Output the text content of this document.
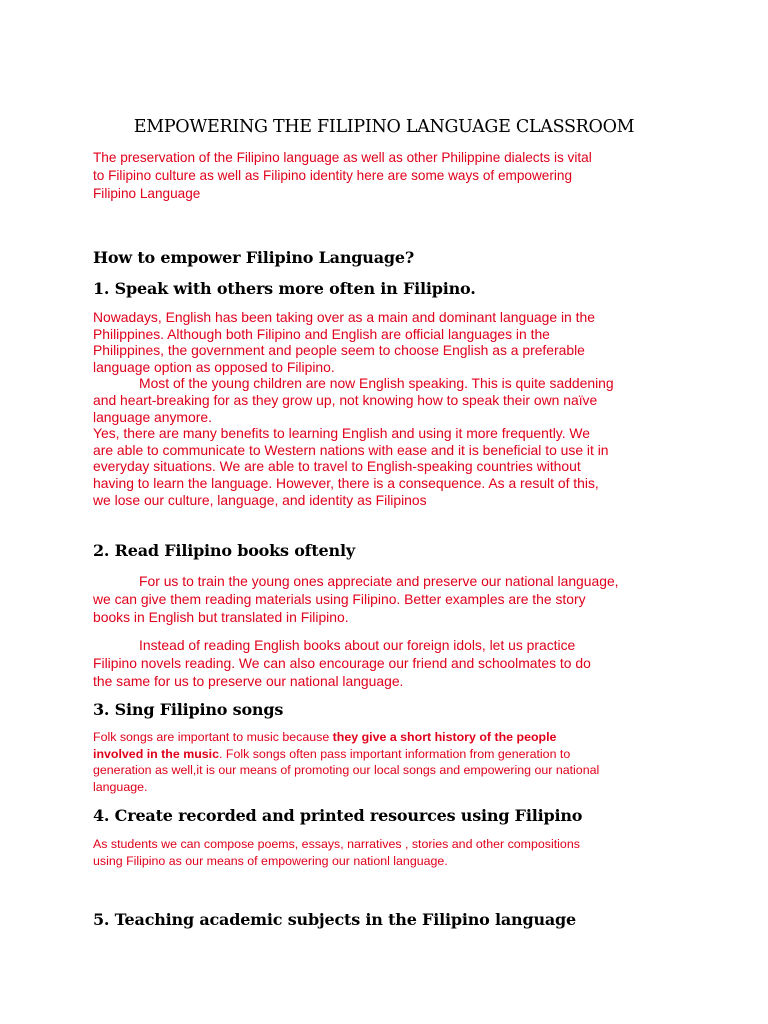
EMPOWERING THE FILIPINO LANGUAGE CLASSROOM
The preservation of the Filipino language as well as other Philippine dialects is vital
to Filipino culture as well as Filipino identity here are some ways of empowering
Filipino Language
How to empower Filipino Language?
1. Speak with others more often in Filipino.
Nowadays, English has been taking over as a main and dominant language in the
Philippines. Although both Filipino and English are official languages in the
Philippines, the government and people seem to choose English as a preferable
language option as opposed to Filipino.
Most of the young children are now English speaking. This is quite saddening
and heart-breaking for as they grow up, not knowing how to speak their own naïve
language anymore.
Yes, there are many benefits to learning English and using it more frequently. We
are able to communicate to Western nations with ease and it is beneficial to use it in
everyday situations. We are able to travel to English-speaking countries without
having to learn the language. However, there is a consequence. As a result of this,
we lose our culture, language, and identity as Filipinos
2. Read Filipino books oftenly
For us to train the young ones appreciate and preserve our national language,
we can give them reading materials using Filipino. Better examples are the story
books in English but translated in Filipino.
Instead of reading English books about our foreign idols, let us practice
Filipino novels reading. We can also encourage our friend and schoolmates to do
the same for us to preserve our national language.
3. Sing Filipino songs
Folk songs are important to music because they give a short history of the people
involved in the music. Folk songs often pass important information from generation to
generation as well,it is our means of promoting our local songs and empowering our national
language.
4. Create recorded and printed resources using Filipino
As students we can compose poems, essays, narratives , stories and other compositions
using Filipino as our means of empowering our nationl language.
5. Teaching academic subjects in the Filipino language
